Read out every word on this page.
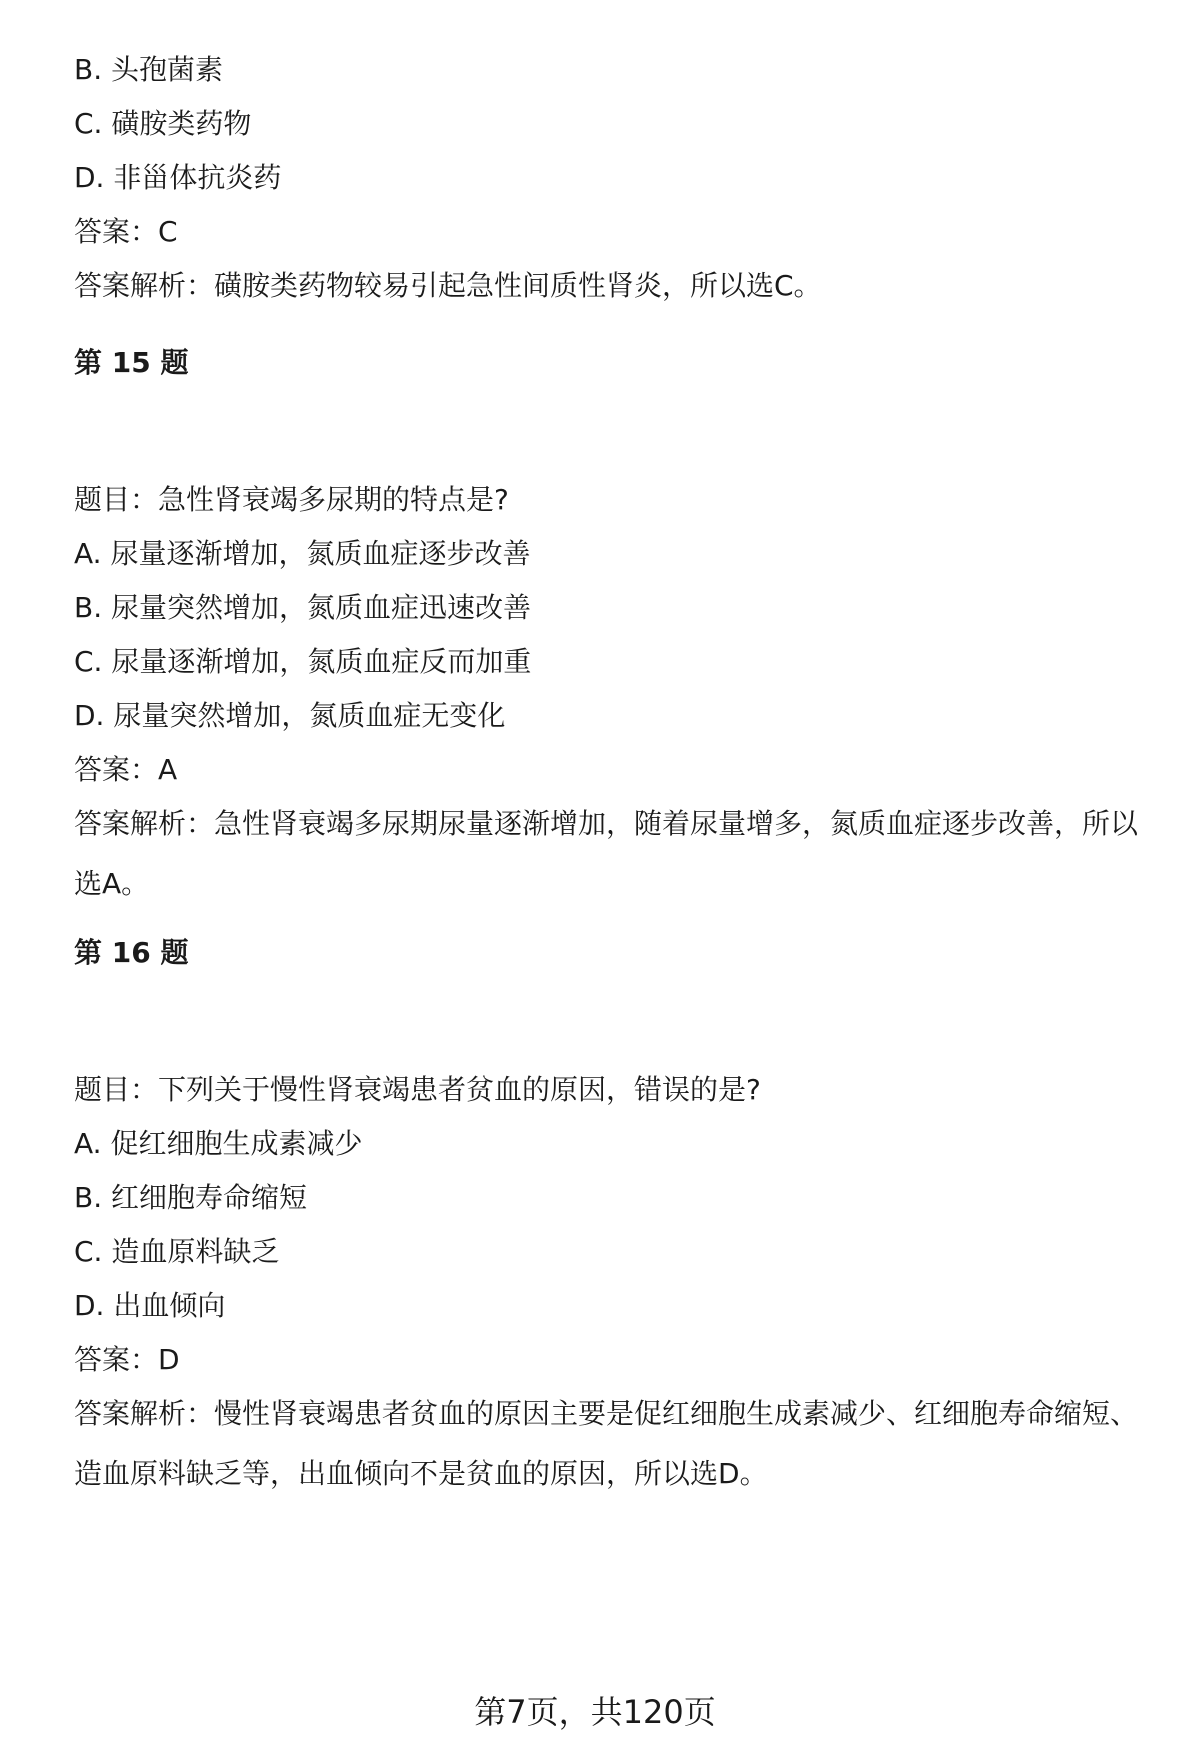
B. 头孢菌素
C. 磺胺类药物
D. 非甾体抗炎药
答案：C
答案解析：磺胺类药物较易引起急性间质性肾炎，所以选C。
第 15 题
题目：急性肾衰竭多尿期的特点是?
A. 尿量逐渐增加，氮质血症逐步改善
B. 尿量突然增加，氮质血症迅速改善
C. 尿量逐渐增加，氮质血症反而加重
D. 尿量突然增加，氮质血症无变化
答案：A
答案解析：急性肾衰竭多尿期尿量逐渐增加，随着尿量增多，氮质血症逐步改善，所以选A。
第 16 题
题目：下列关于慢性肾衰竭患者贫血的原因，错误的是?
A. 促红细胞生成素减少
B. 红细胞寿命缩短
C. 造血原料缺乏
D. 出血倾向
答案：D
答案解析：慢性肾衰竭患者贫血的原因主要是促红细胞生成素减少、红细胞寿命缩短、造血原料缺乏等，出血倾向不是贫血的原因，所以选D。
第7页，共120页
